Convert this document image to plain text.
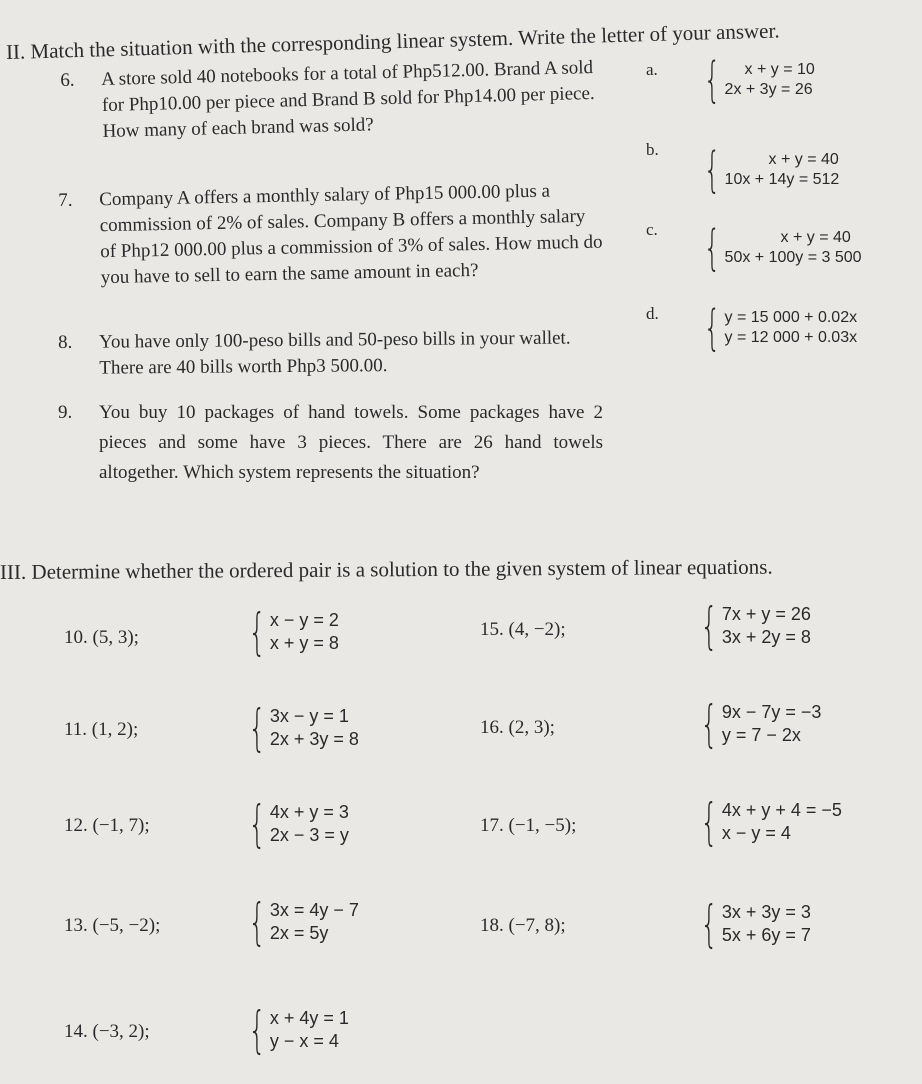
II. Match the situation with the corresponding linear system. Write the letter of your answer.
6.	A store sold 40 notebooks for a total of Php512.00. Brand A sold for Php10.00 per piece and Brand B sold for Php14.00 per piece. How many of each brand was sold?
7.	Company A offers a monthly salary of Php15 000.00 plus a commission of 2% of sales. Company B offers a monthly salary of Php12 000.00 plus a commission of 3% of sales. How much do you have to sell to earn the same amount in each?
8.	You have only 100-peso bills and 50-peso bills in your wallet. There are 40 bills worth Php3 500.00.
9.	You buy 10 packages of hand towels. Some packages have 2 pieces and some have 3 pieces. There are 26 hand towels altogether. Which system represents the situation?
a. {	x + y = 10
2x + 3y = 26
b. {	x + y = 40
10x + 14y = 512
c. {	x + y = 40
50x + 100y = 3 500
d. { y = 15 000 + 0.02x
y = 12 000 + 0.03x
III. Determine whether the ordered pair is a solution to the given system of linear equations.
10. (5, 3); { x − y = 2
x + y = 8
11. (1, 2); { 3x − y = 1
2x + 3y = 8
12. (−1, 7); { 4x + y = 3
2x − 3 = y
13. (−5, −2); { 3x = 4y − 7
2x = 5y
14. (−3, 2); { x + 4y = 1
y − x = 4
15. (4, −2);	{ 7x + y = 26
3x + 2y = 8
16. (2, 3);	{ 9x − 7y = −3
y = 7 − 2x
17. (−1, −5); { 4x + y + 4 = −5
x − y = 4
18. (−7, 8);	{ 3x + 3y = 3
5x + 6y = 7
